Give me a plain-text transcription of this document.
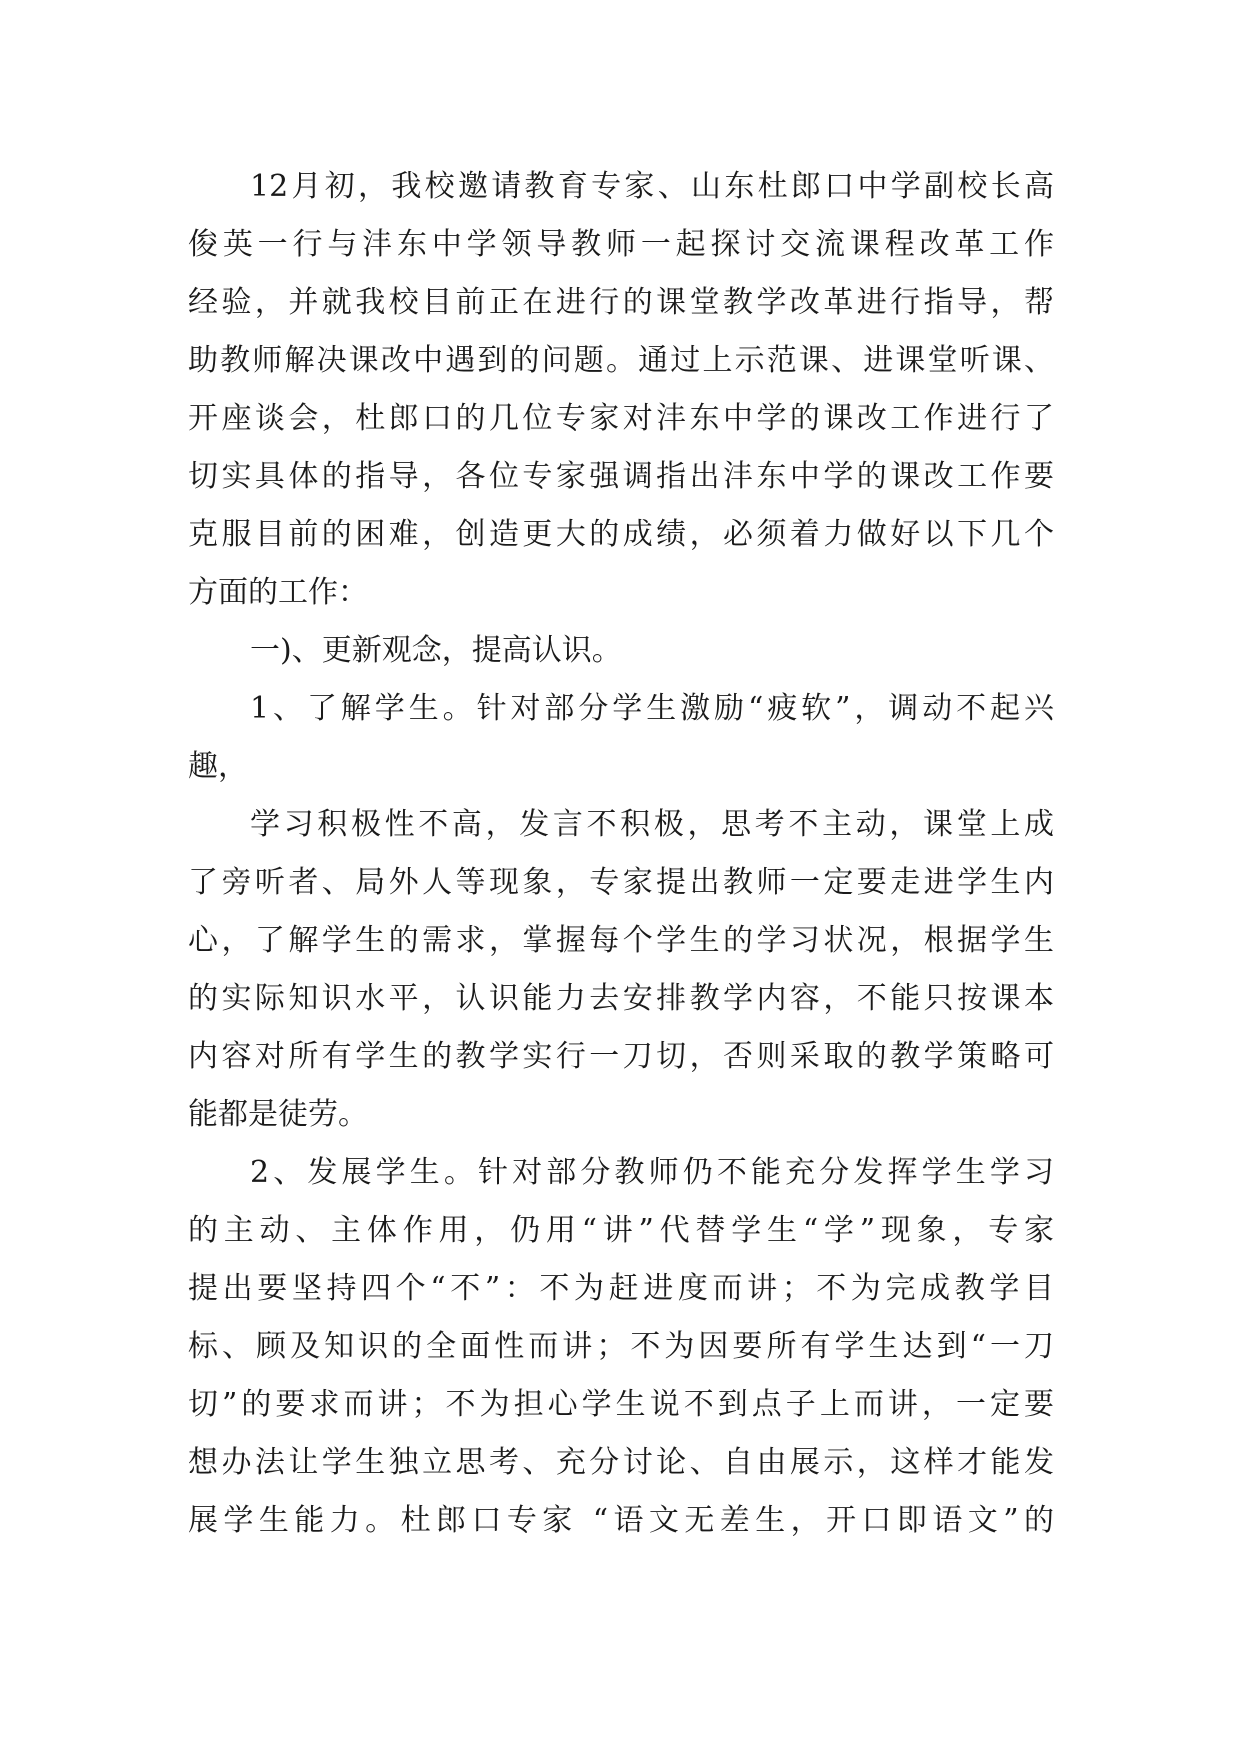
12月初，我校邀请教育专家、山东杜郎口中学副校长高
俊英一行与沣东中学领导教师一起探讨交流课程改革工作
经验，并就我校目前正在进行的课堂教学改革进行指导，帮
助教师解决课改中遇到的问题。通过上示范课、进课堂听课、
开座谈会，杜郎口的几位专家对沣东中学的课改工作进行了
切实具体的指导，各位专家强调指出沣东中学的课改工作要
克服目前的困难，创造更大的成绩，必须着力做好以下几个
方面的工作：
一)、更新观念，提高认识。
1、了解学生。针对部分学生激励“疲软”，调动不起兴
趣，
学习积极性不高，发言不积极，思考不主动，课堂上成
了旁听者、局外人等现象，专家提出教师一定要走进学生内
心，了解学生的需求，掌握每个学生的学习状况，根据学生
的实际知识水平，认识能力去安排教学内容，不能只按课本
内容对所有学生的教学实行一刀切，否则采取的教学策略可
能都是徒劳。
2、发展学生。针对部分教师仍不能充分发挥学生学习
的主动、主体作用，仍用“讲”代替学生“学”现象，专家
提出要坚持四个“不”：不为赶进度而讲；不为完成教学目
标、顾及知识的全面性而讲；不为因要所有学生达到“一刀
切”的要求而讲；不为担心学生说不到点子上而讲，一定要
想办法让学生独立思考、充分讨论、自由展示，这样才能发
展学生能力。杜郎口专家 “语文无差生，开口即语文”的
